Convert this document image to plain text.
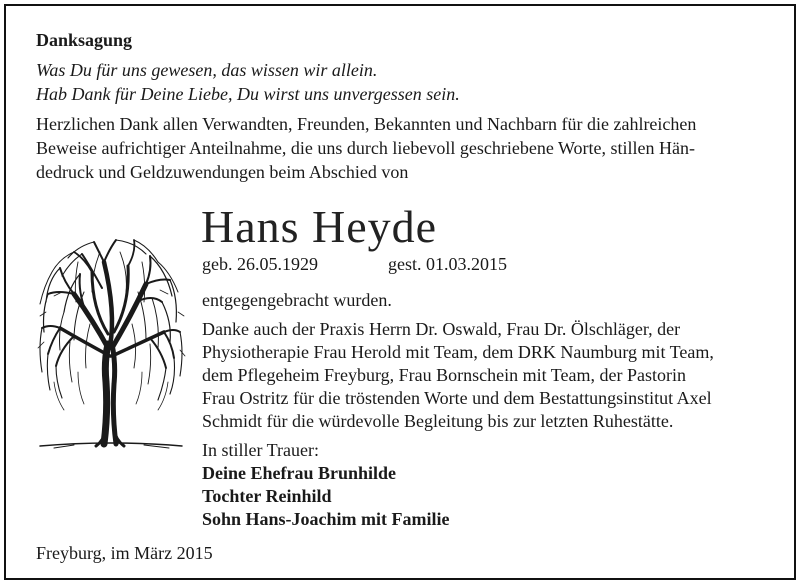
Danksagung
Was Du für uns gewesen, das wissen wir allein.
Hab Dank für Deine Liebe, Du wirst uns unvergessen sein.
Herzlichen Dank allen Verwandten, Freunden, Bekannten und Nachbarn für die zahlreichen
Beweise aufrichtiger Anteilnahme, die uns durch liebevoll geschriebene Worte, stillen Hän-
dedruck und Geldzuwendungen beim Abschied von
Hans Heyde
geb. 26.05.1929	gest. 01.03.2015
entgegengebracht wurden.
Danke auch der Praxis Herrn Dr. Oswald, Frau Dr. Ölschläger, der
Physiotherapie Frau Herold mit Team, dem DRK Naumburg mit Team,
dem Pflegeheim Freyburg, Frau Bornschein mit Team, der Pastorin
Frau Ostritz für die tröstenden Worte und dem Bestattungsinstitut Axel
Schmidt für die würdevolle Begleitung bis zur letzten Ruhestätte.
In stiller Trauer:
Deine Ehefrau Brunhilde
Tochter Reinhild
Sohn Hans-Joachim mit Familie
Freyburg, im März 2015
